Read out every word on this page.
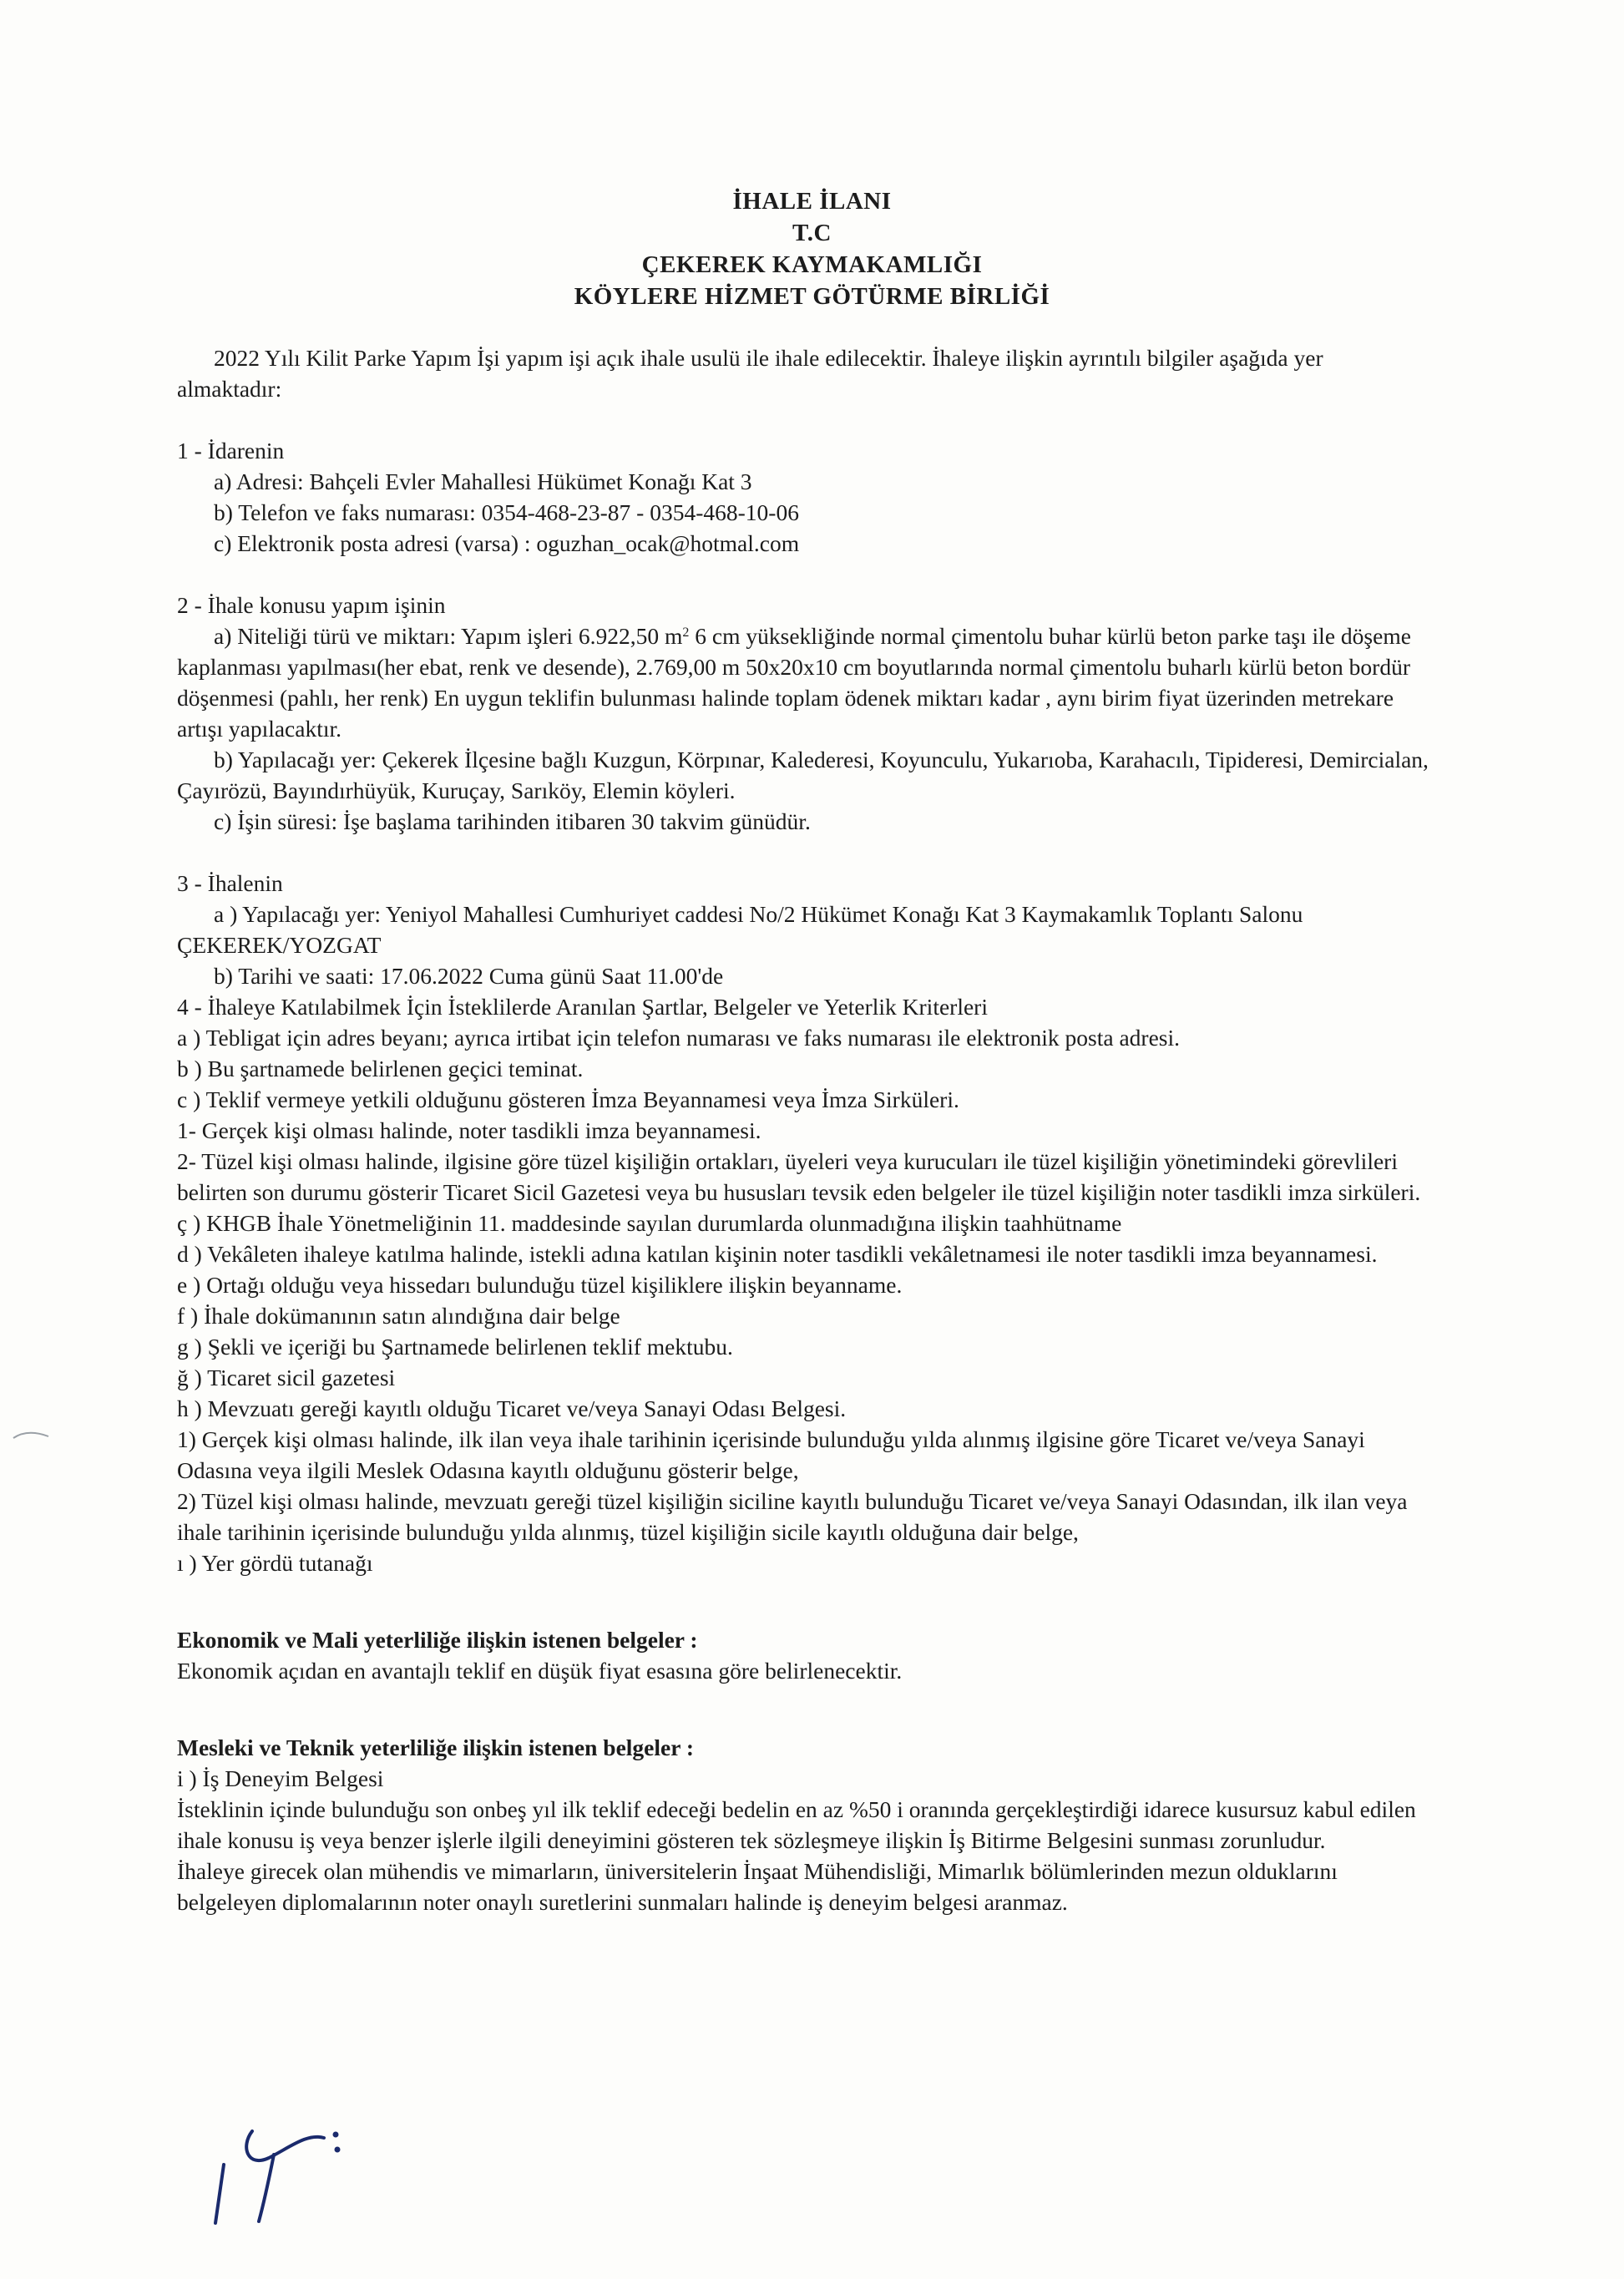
İHALE İLANI
T.C
ÇEKEREK KAYMAKAMLIĞI
KÖYLERE HİZMET GÖTÜRME BİRLİĞİ

2022 Yılı Kilit Parke Yapım İşi yapım işi açık ihale usulü ile ihale edilecektir. İhaleye ilişkin ayrıntılı bilgiler aşağıda yer almaktadır:

1 - İdarenin

a) Adresi: Bahçeli Evler Mahallesi Hükümet Konağı Kat 3

b) Telefon ve faks numarası: 0354-468-23-87 - 0354-468-10-06

c) Elektronik posta adresi (varsa) : oguzhan_ocak@hotmal.com

2 - İhale konusu yapım işinin

a) Niteliği türü ve miktarı: Yapım işleri 6.922,50 $m^2$ 6 cm yüksekliğinde normal çimentolu buhar kürlü beton parke taşı ile döşeme kaplanması yapılması(her ebat, renk ve desende), 2.769,00 m 50x20x10 cm boyutlarında normal çimentolu buharlı kürlü beton bordür döşenmesi (pahlı, her renk) En uygun teklifin bulunması halinde toplam ödenek miktarı kadar , aynı birim fiyat üzerinden metrekare artışı yapılacaktır.

b) Yapılacağı yer: Çekerek İlçesine bağlı Kuzgun, Körpınar, Kalederesi, Koyunculu, Yukarıoba, Karahacılı, Tipideresi, Demircialan, Çayırözü, Bayındırhüyük, Kuruçay, Sarıköy, Elemin köyleri.

c) İşin süresi: İşe başlama tarihinden itibaren 30 takvim günüdür.

3 - İhalenin

a ) Yapılacağı yer: Yeniyol Mahallesi Cumhuriyet caddesi No/2 Hükümet Konağı Kat 3 Kaymakamlık Toplantı Salonu ÇEKEREK/YOZGAT

b) Tarihi ve saati: 17.06.2022 Cuma günü Saat 11.00'de

4 - İhaleye Katılabilmek İçin İsteklilerde Aranılan Şartlar, Belgeler ve Yeterlik Kriterleri

a ) Tebligat için adres beyanı; ayrıca irtibat için telefon numarası ve faks numarası ile elektronik posta adresi.

b ) Bu şartnamede belirlenen geçici teminat.

c ) Teklif vermeye yetkili olduğunu gösteren İmza Beyannamesi veya İmza Sirküleri.

1- Gerçek kişi olması halinde, noter tasdikli imza beyannamesi.

2- Tüzel kişi olması halinde, ilgisine göre tüzel kişiliğin ortakları, üyeleri veya kurucuları ile tüzel kişiliğin yönetimindeki görevlileri belirten son durumu gösterir Ticaret Sicil Gazetesi veya bu hususları tevsik eden belgeler ile tüzel kişiliğin noter tasdikli imza sirküleri.

ç ) KHGB İhale Yönetmeliğinin 11. maddesinde sayılan durumlarda olunmadığına ilişkin taahhütname

d ) Vekâleten ihaleye katılma halinde, istekli adına katılan kişinin noter tasdikli vekâletnamesi ile noter tasdikli imza beyannamesi.

e ) Ortağı olduğu veya hissedarı bulunduğu tüzel kişiliklere ilişkin beyanname.

f ) İhale dokümanının satın alındığına dair belge

g ) Şekli ve içeriği bu Şartnamede belirlenen teklif mektubu.

ğ ) Ticaret sicil gazetesi

h ) Mevzuatı gereği kayıtlı olduğu Ticaret ve/veya Sanayi Odası Belgesi.

1) Gerçek kişi olması halinde, ilk ilan veya ihale tarihinin içerisinde bulunduğu yılda alınmış ilgisine göre Ticaret ve/veya Sanayi Odasına veya ilgili Meslek Odasına kayıtlı olduğunu gösterir belge,

2) Tüzel kişi olması halinde, mevzuatı gereği tüzel kişiliğin siciline kayıtlı bulunduğu Ticaret ve/veya Sanayi Odasından, ilk ilan veya ihale tarihinin içerisinde bulunduğu yılda alınmış, tüzel kişiliğin sicile kayıtlı olduğuna dair belge,

ı ) Yer gördü tutanağı

Ekonomik ve Mali yeterliliğe ilişkin istenen belgeler :

Ekonomik açıdan en avantajlı teklif en düşük fiyat esasına göre belirlenecektir.

Mesleki ve Teknik yeterliliğe ilişkin istenen belgeler :

i ) İş Deneyim Belgesi

İsteklinin içinde bulunduğu son onbeş yıl ilk teklif edeceği bedelin en az %50 i oranında gerçekleştirdiği idarece kusursuz kabul edilen ihale konusu iş veya benzer işlerle ilgili deneyimini gösteren tek sözleşmeye ilişkin İş Bitirme Belgesini sunması zorunludur.

İhaleye girecek olan mühendis ve mimarların, üniversitelerin İnşaat Mühendisliği, Mimarlık bölümlerinden mezun olduklarını belgeleyen diplomalarının noter onaylı suretlerini sunmaları halinde iş deneyim belgesi aranmaz.
